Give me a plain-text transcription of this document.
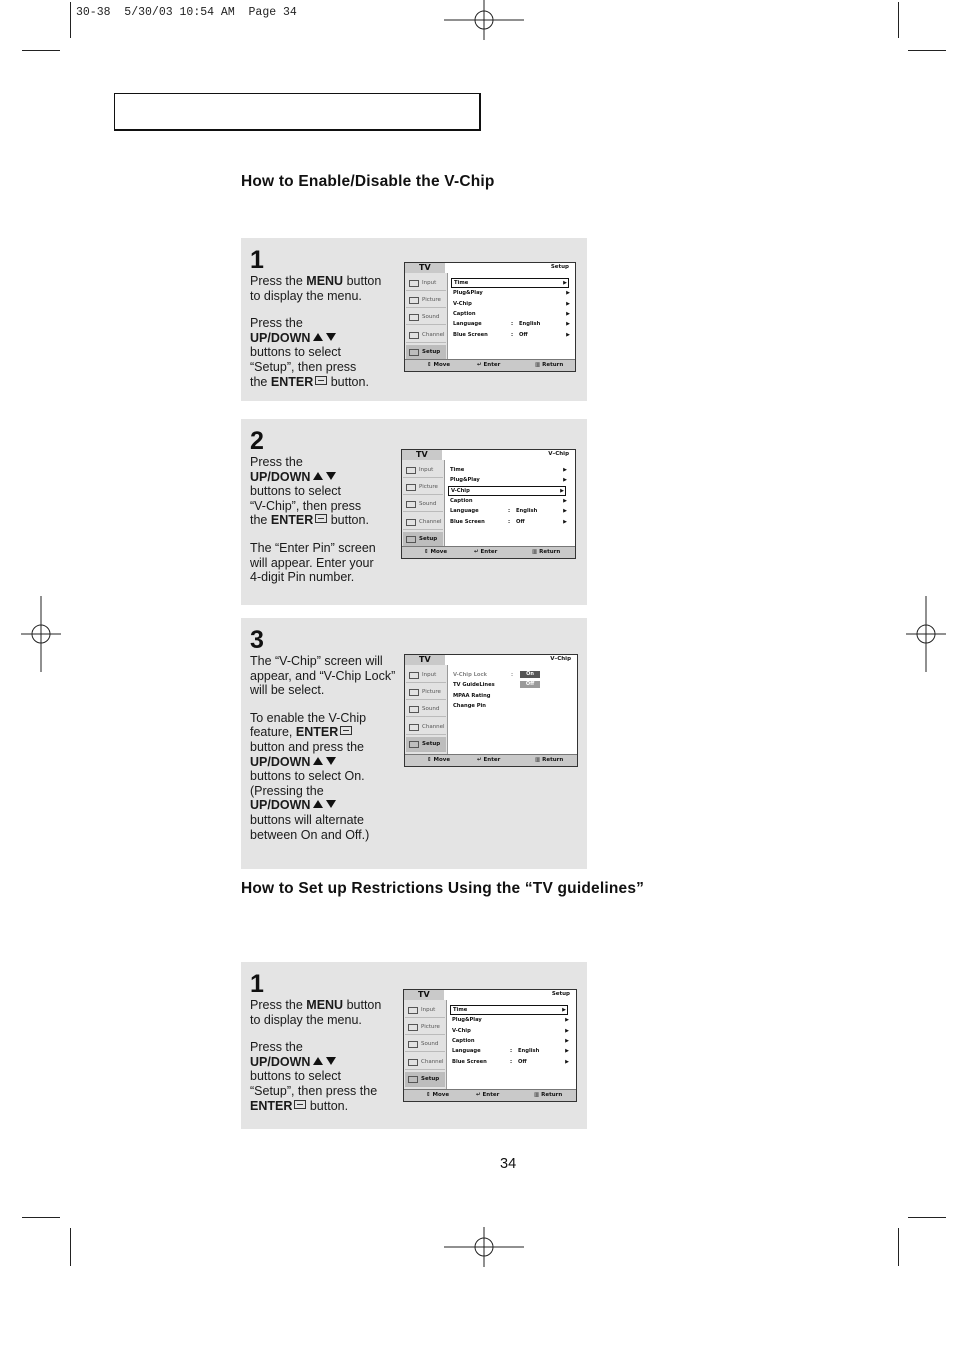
30-38  5/30/03 10:54 AM  Page 34
How to Enable/Disable the V-Chip
1
Press the MENU button
to display the menu.
Press the
UP/DOWN
buttons to select
“Setup”, then press
the ENTER button.
TV	Setup
Input
Picture
Sound
Channel
Setup
Time	▶
Plug&Play	▶
V-Chip	▶
Caption	▶
Language	: English	▶
Blue Screen	: Off	▶
⇕ Move	↵ Enter	▥ Return
2
Press the
UP/DOWN
buttons to select
“V-Chip”, then press
the ENTER button.
The “Enter Pin” screen
will appear. Enter your
4-digit Pin number.
TV	V–Chip
Input
Picture
Sound
Channel
Setup
Time	▶
Plug&Play	▶
V-Chip	▶
Caption	▶
Language	: English	▶
Blue Screen	: Off	▶
⇕ Move	↵ Enter	▥ Return
3
The “V-Chip” screen will
appear, and “V-Chip Lock”
will be select.
To enable the V-Chip
feature, ENTER
button and press the
UP/DOWN
buttons to select On.
(Pressing the
UP/DOWN
buttons will alternate
between On and Off.)
TV	V–Chip
Input
Picture
Sound
Channel
Setup
V-Chip Lock	:
TV GuideLines
MPAA Rating
Change Pin
On
Off
⇕ Move	↵ Enter	▥ Return
How to Set up Restrictions Using the “TV guidelines”
1
Press the MENU button
to display the menu.
Press the
UP/DOWN
buttons to select
“Setup”, then press the
ENTER button.
TV	Setup
Input
Picture
Sound
Channel
Setup
Time	▶
Plug&Play	▶
V-Chip	▶
Caption	▶
Language	: English	▶
Blue Screen	: Off	▶
⇕ Move	↵ Enter	▥ Return
34
